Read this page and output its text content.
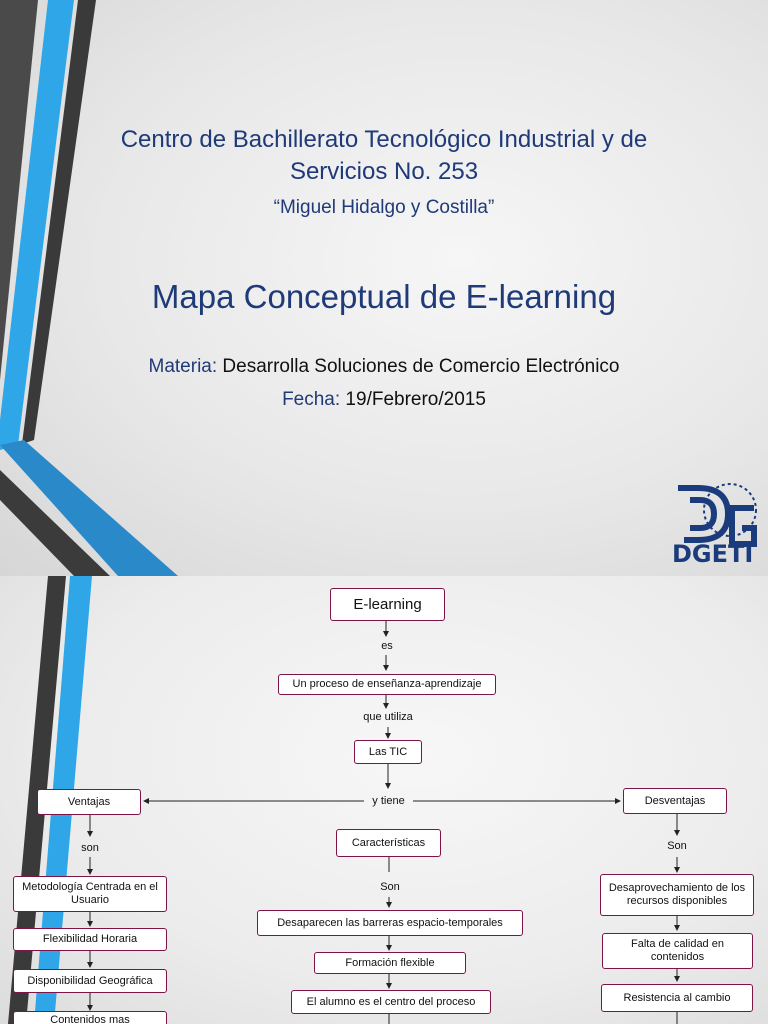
Centro de Bachillerato Tecnológico Industrial y de
Servicios No. 253
“Miguel Hidalgo y Costilla”
Mapa Conceptual de E-learning
Materia: Desarrolla Soluciones de Comercio Electrónico
Fecha: 19/Febrero/2015
DGETI
E-learning
es
Un proceso de enseñanza-aprendizaje
que utiliza
Las TIC
y tiene
Ventajas
son
Metodología Centrada en el Usuario
Flexibilidad Horaria
Disponibilidad Geográfica
Contenidos mas
Características
Son
Desaparecen las barreras espacio-temporales
Formación flexible
El alumno es el centro del proceso
Desventajas
Son
Desaprovechamiento de los recursos disponibles
Falta de calidad en contenidos
Resistencia al cambio
